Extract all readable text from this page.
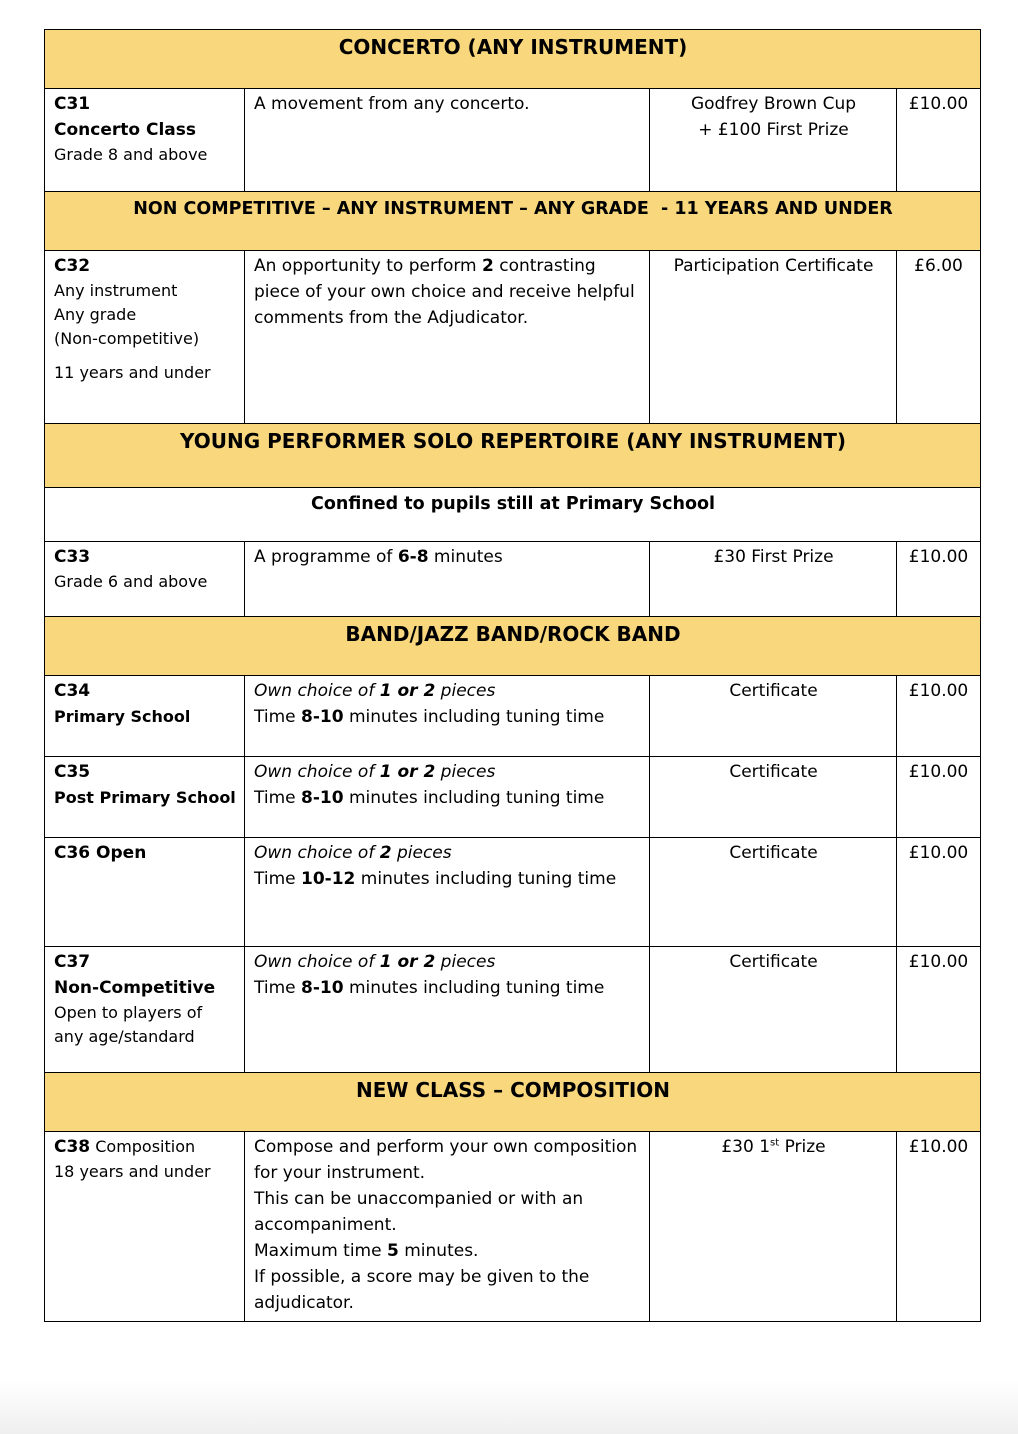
CONCERTO (ANY INSTRUMENT)			

C31
Concerto Class
Grade 8 and above	A movement from any concerto.	Godfrey Brown Cup
+ £100 First Prize	£10.00
NON COMPETITIVE – ANY INSTRUMENT – ANY GRADE  - 11 YEARS AND UNDER			

C32
Any instrument
Any grade
(Non-competitive)
11 years and under	An opportunity to perform 2 contrasting piece of your own choice and receive helpful comments from the Adjudicator.	Participation Certificate	£6.00
YOUNG PERFORMER SOLO REPERTOIRE (ANY INSTRUMENT)			
Confined to pupils still at Primary School			

C33
Grade 6 and above	A programme of 6-8 minutes	£30 First Prize	£10.00
BAND/JAZZ BAND/ROCK BAND			

C34
Primary School	Own choice of 1 or 2 pieces
Time 8-10 minutes including tuning time	Certificate	£10.00

C35
Post Primary School	Own choice of 1 or 2 pieces
Time 8-10 minutes including tuning time	Certificate	£10.00

C36 Open	Own choice of 2 pieces
Time 10-12 minutes including tuning time	Certificate	£10.00

C37
Non-Competitive
Open to players of any age/standard	Own choice of 1 or 2 pieces
Time 8-10 minutes including tuning time	Certificate	£10.00
NEW CLASS – COMPOSITION			

C38 Composition
18 years and under	Compose and perform your own composition for your instrument.
This can be unaccompanied or with an accompaniment.
Maximum time 5 minutes.
If possible, a score may be given to the adjudicator.	£30 1st Prize	£10.00
